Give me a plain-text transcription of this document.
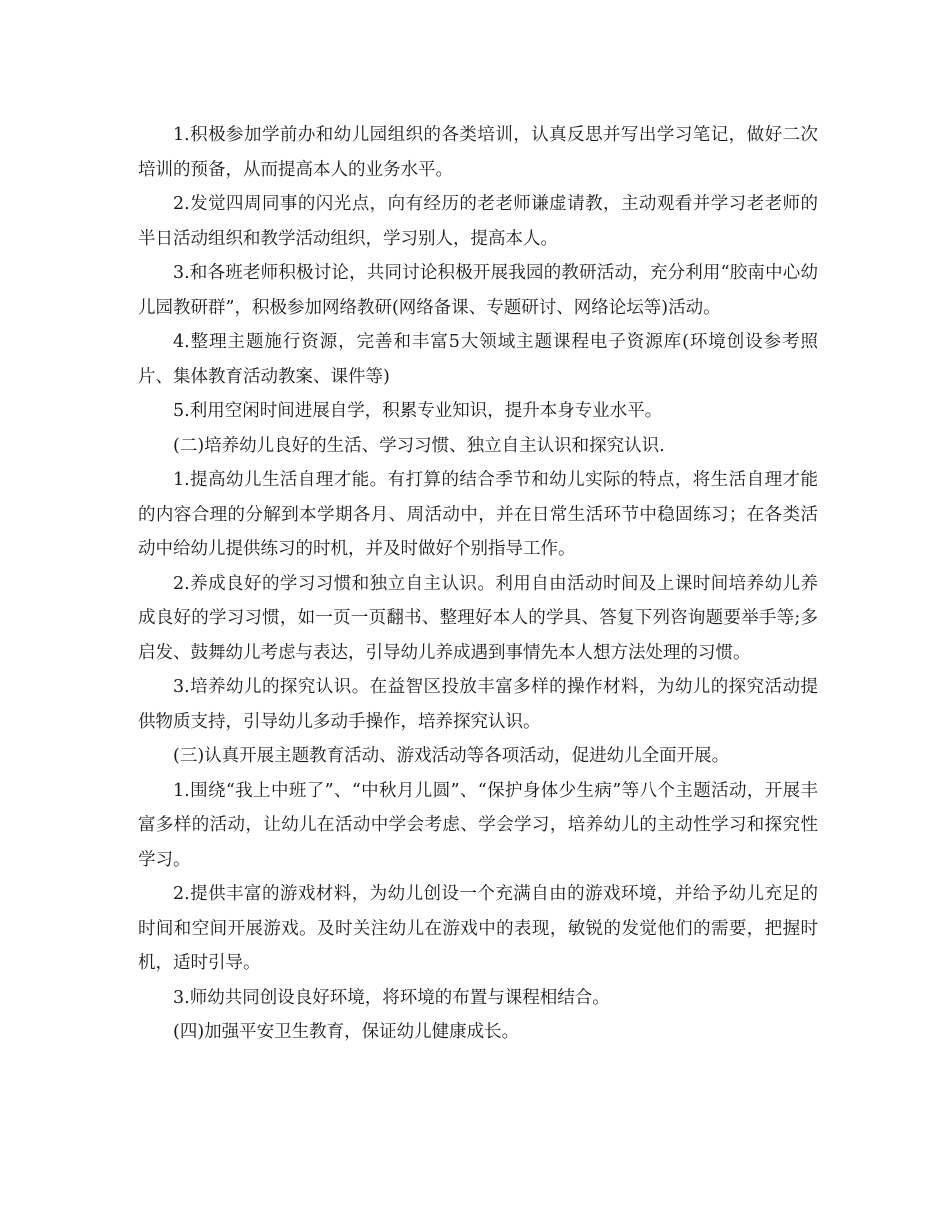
1.积极参加学前办和幼儿园组织的各类培训，认真反思并写出学习笔记，做好二次培训的预备，从而提高本人的业务水平。

2.发觉四周同事的闪光点，向有经历的老老师谦虚请教，主动观看并学习老老师的半日活动组织和教学活动组织，学习别人，提高本人。

3.和各班老师积极讨论，共同讨论积极开展我园的教研活动，充分利用“胶南中心幼儿园教研群”，积极参加网络教研(网络备课、专题研讨、网络论坛等)活动。

4.整理主题施行资源，完善和丰富5大领域主题课程电子资源库(环境创设参考照片、集体教育活动教案、课件等)

5.利用空闲时间进展自学，积累专业知识，提升本身专业水平。

(二)培养幼儿良好的生活、学习习惯、独立自主认识和探究认识.

1.提高幼儿生活自理才能。有打算的结合季节和幼儿实际的特点，将生活自理才能的内容合理的分解到本学期各月、周活动中，并在日常生活环节中稳固练习；在各类活动中给幼儿提供练习的时机，并及时做好个别指导工作。

2.养成良好的学习习惯和独立自主认识。利用自由活动时间及上课时间培养幼儿养成良好的学习习惯，如一页一页翻书、整理好本人的学具、答复下列咨询题要举手等;多启发、鼓舞幼儿考虑与表达，引导幼儿养成遇到事情先本人想方法处理的习惯。

3.培养幼儿的探究认识。在益智区投放丰富多样的操作材料，为幼儿的探究活动提供物质支持，引导幼儿多动手操作，培养探究认识。

(三)认真开展主题教育活动、游戏活动等各项活动，促进幼儿全面开展。

1.围绕“我上中班了”、“中秋月儿圆”、“保护身体少生病”等八个主题活动，开展丰富多样的活动，让幼儿在活动中学会考虑、学会学习，培养幼儿的主动性学习和探究性学习。

2.提供丰富的游戏材料，为幼儿创设一个充满自由的游戏环境，并给予幼儿充足的时间和空间开展游戏。及时关注幼儿在游戏中的表现，敏锐的发觉他们的需要，把握时机，适时引导。

3.师幼共同创设良好环境，将环境的布置与课程相结合。

(四)加强平安卫生教育，保证幼儿健康成长。
